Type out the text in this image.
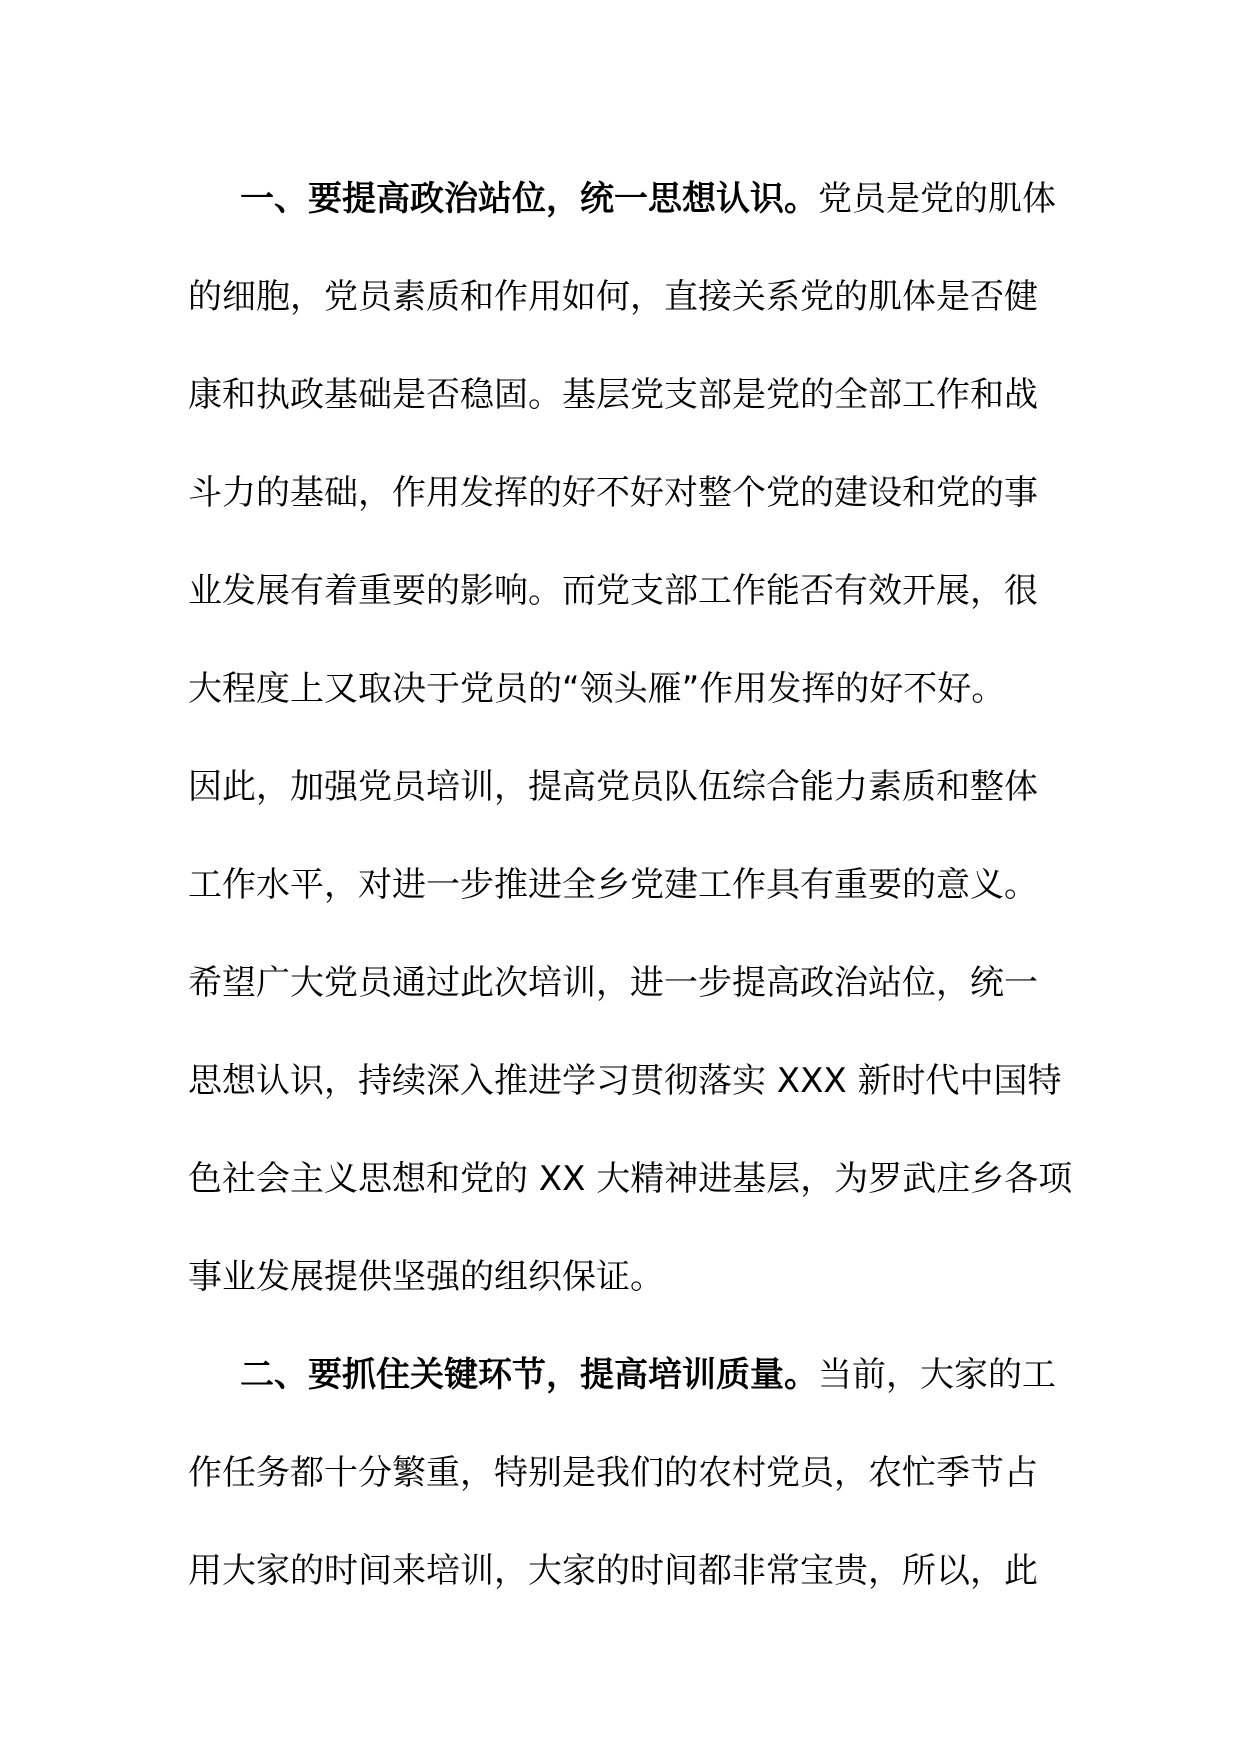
一、要提高政治站位，统一思想认识。党员是党的肌体
的细胞，党员素质和作用如何，直接关系党的肌体是否健
康和执政基础是否稳固。基层党支部是党的全部工作和战
斗力的基础，作用发挥的好不好对整个党的建设和党的事
业发展有着重要的影响。而党支部工作能否有效开展，很
大程度上又取决于党员的“领头雁”作用发挥的好不好。
因此，加强党员培训，提高党员队伍综合能力素质和整体
工作水平，对进一步推进全乡党建工作具有重要的意义。
希望广大党员通过此次培训，进一步提高政治站位，统一
思想认识，持续深入推进学习贯彻落实 XXX 新时代中国特
色社会主义思想和党的 XX 大精神进基层，为罗武庄乡各项
事业发展提供坚强的组织保证。
二、要抓住关键环节，提高培训质量。当前，大家的工
作任务都十分繁重，特别是我们的农村党员，农忙季节占
用大家的时间来培训，大家的时间都非常宝贵，所以，此
